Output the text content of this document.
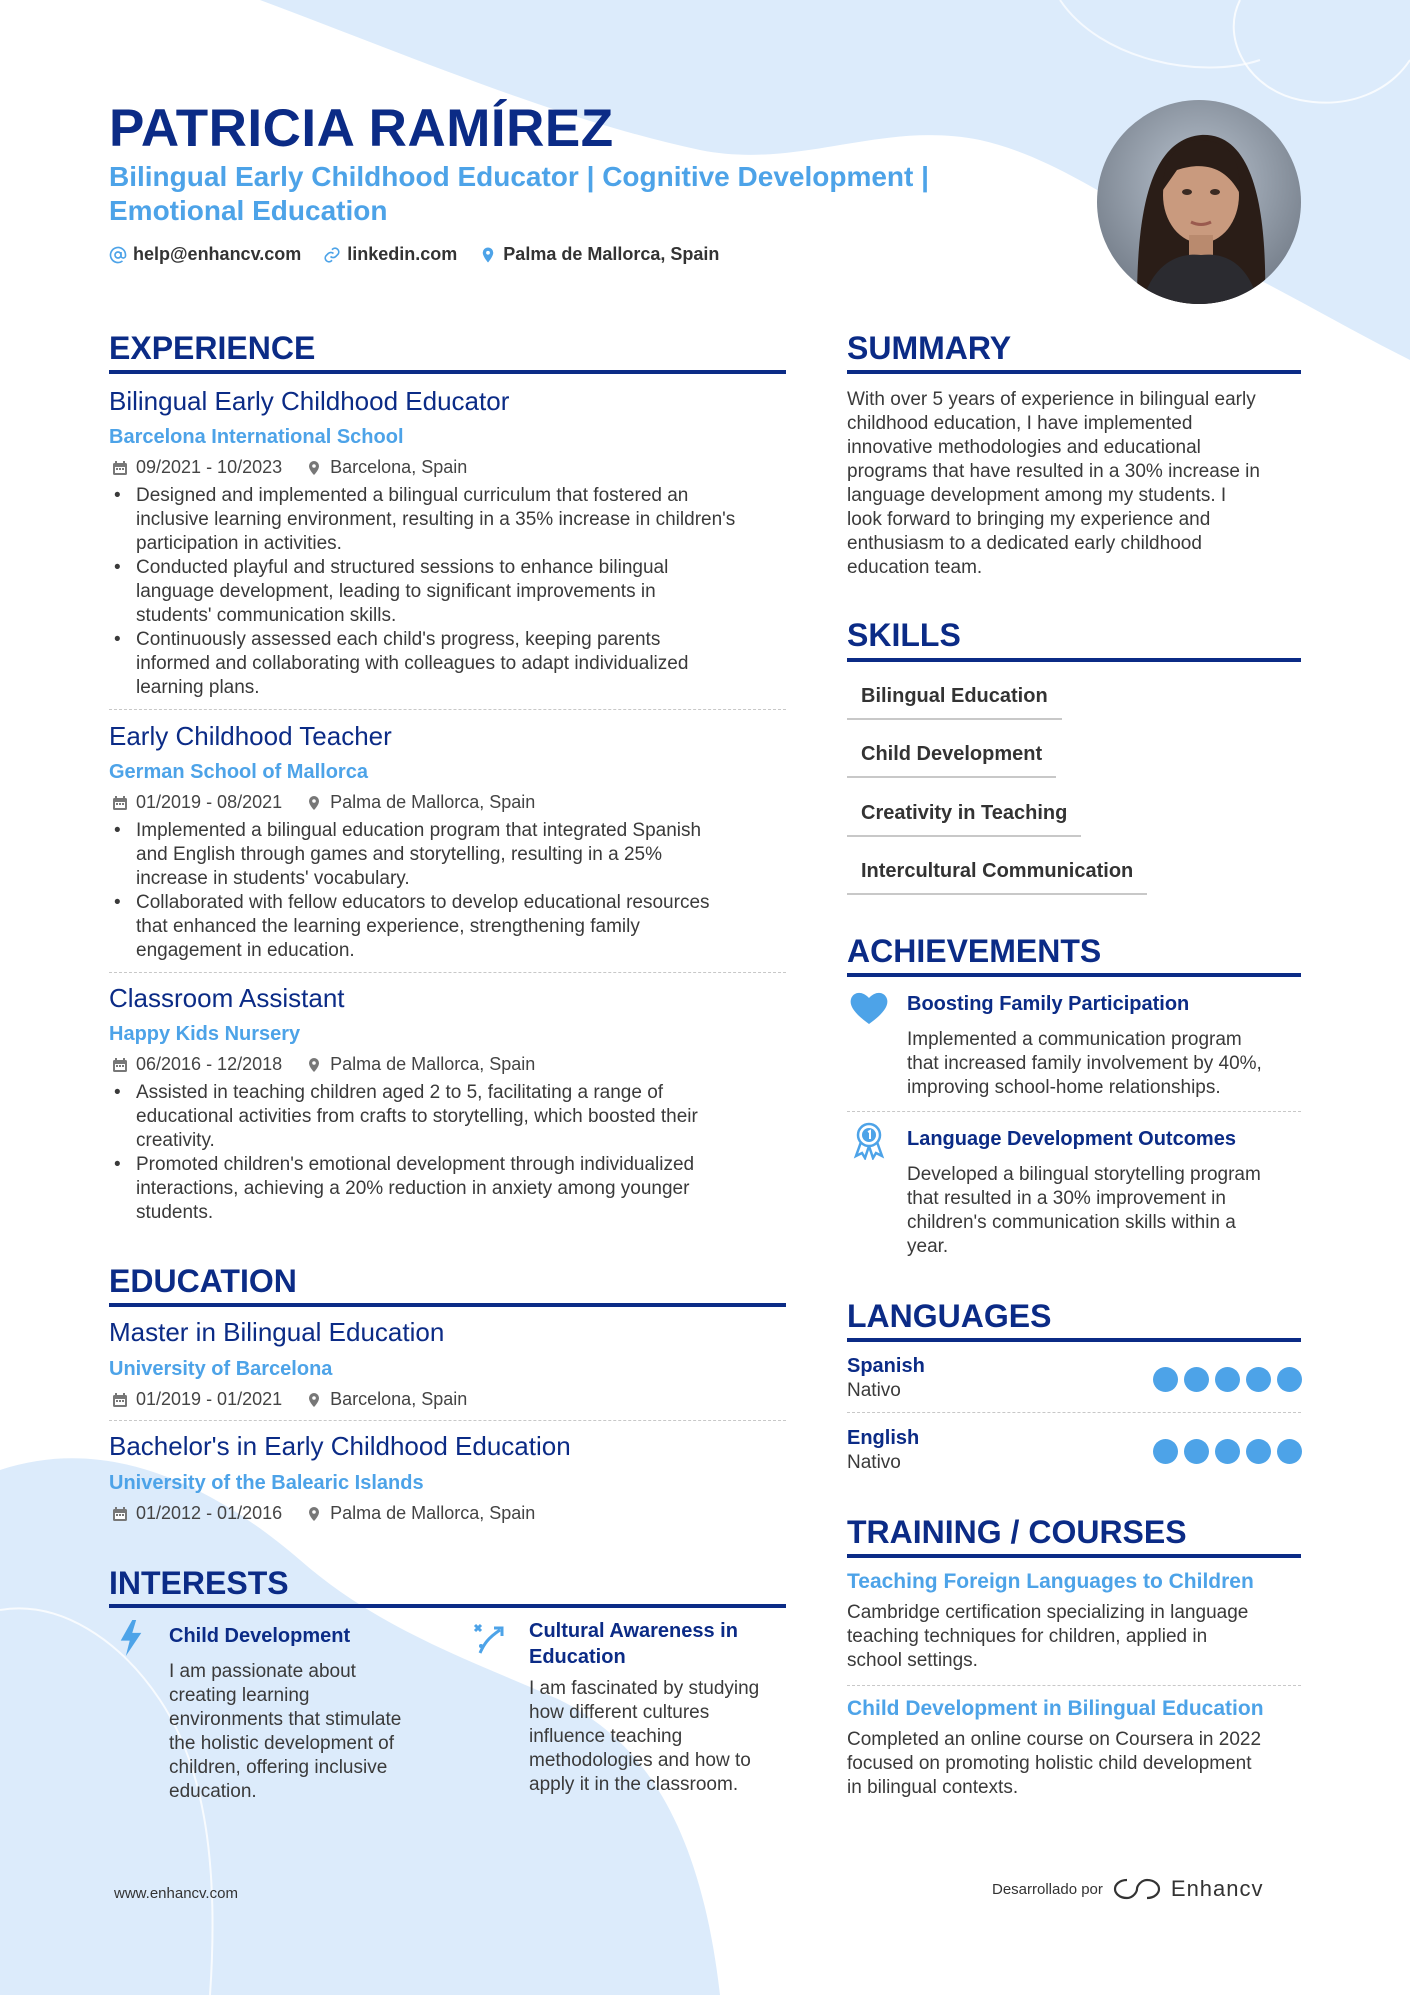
PATRICIA RAMÍREZ
Bilingual Early Childhood Educator | Cognitive Development |
Emotional Education
help@enhancv.com	linkedin.com	Palma de Mallorca, Spain
EXPERIENCE
Bilingual Early Childhood Educator
Barcelona International School
09/2021 - 10/2023	Barcelona, Spain
• Designed and implemented a bilingual curriculum that fostered an
inclusive learning environment, resulting in a 35% increase in children's
participation in activities.
• Conducted playful and structured sessions to enhance bilingual
language development, leading to significant improvements in
students' communication skills.
• Continuously assessed each child's progress, keeping parents
informed and collaborating with colleagues to adapt individualized
learning plans.
Early Childhood Teacher
German School of Mallorca
01/2019 - 08/2021	Palma de Mallorca, Spain
• Implemented a bilingual education program that integrated Spanish
and English through games and storytelling, resulting in a 25%
increase in students' vocabulary.
• Collaborated with fellow educators to develop educational resources
that enhanced the learning experience, strengthening family
engagement in education.
Classroom Assistant
Happy Kids Nursery
06/2016 - 12/2018	Palma de Mallorca, Spain
• Assisted in teaching children aged 2 to 5, facilitating a range of
educational activities from crafts to storytelling, which boosted their
creativity.
• Promoted children's emotional development through individualized
interactions, achieving a 20% reduction in anxiety among younger
students.
EDUCATION
Master in Bilingual Education
University of Barcelona
01/2019 - 01/2021	Barcelona, Spain
Bachelor's in Early Childhood Education
University of the Balearic Islands
01/2012 - 01/2016	Palma de Mallorca, Spain
INTERESTS
Child Development
I am passionate about
creating learning
environments that stimulate
the holistic development of
children, offering inclusive
education.
Cultural Awareness in
Education
I am fascinated by studying
how different cultures
influence teaching
methodologies and how to
apply it in the classroom.
SUMMARY
With over 5 years of experience in bilingual early
childhood education, I have implemented
innovative methodologies and educational
programs that have resulted in a 30% increase in
language development among my students. I
look forward to bringing my experience and
enthusiasm to a dedicated early childhood
education team.
SKILLS
Bilingual Education
Child Development
Creativity in Teaching
Intercultural Communication
ACHIEVEMENTS
Boosting Family Participation
Implemented a communication program
that increased family involvement by 40%,
improving school-home relationships.
Language Development Outcomes
Developed a bilingual storytelling program
that resulted in a 30% improvement in
children's communication skills within a
year.
LANGUAGES
Spanish
Nativo
English
Nativo
TRAINING / COURSES
Teaching Foreign Languages to Children
Cambridge certification specializing in language
teaching techniques for children, applied in
school settings.
Child Development in Bilingual Education
Completed an online course on Coursera in 2022
focused on promoting holistic child development
in bilingual contexts.
www.enhancv.com	Desarrollado por	Enhancv
